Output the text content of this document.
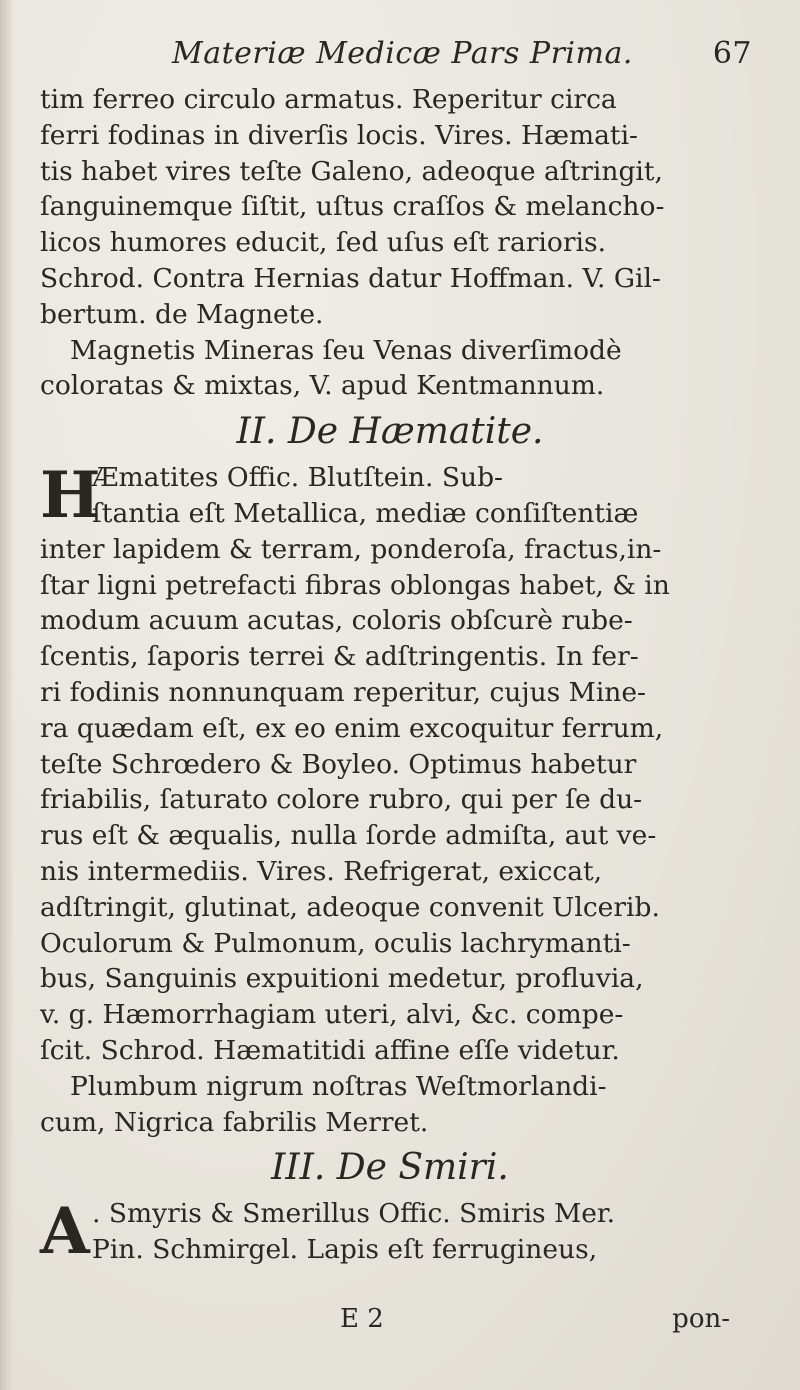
Materiæ Medicæ Pars Prima.	67
tim ferreo circulo armatus. Reperitur circa
ferri fodinas in diverſis locis. Vires. Hæmati-
tis habet vires teſte Galeno, adeoque aſtringit,
ſanguinemque ſiſtit, uſtus craſſos & melancho-
licos humores educit, ſed uſus eſt rarioris.
Schrod. Contra Hernias datur Hoffman. V. Gil-
bertum. de Magnete.
Magnetis Mineras ſeu Venas diverſimodè
coloratas & mixtas, V. apud Kentmannum.
II. De Hæmatite.
H
Æmatites Offic. Blutſtein. Sub-
ſtantia eſt Metallica, mediæ conſiſtentiæ
inter lapidem & terram, ponderoſa, fractus,in-
ſtar ligni petrefacti fibras oblongas habet, & in
modum acuum acutas, coloris obſcurè rube-
ſcentis, ſaporis terrei & adſtringentis. In fer-
ri fodinis nonnunquam reperitur, cujus Mine-
ra quædam eſt, ex eo enim excoquitur ferrum,
teſte Schrœdero & Boyleo. Optimus habetur
friabilis, ſaturato colore rubro, qui per ſe du-
rus eſt & æqualis, nulla ſorde admiſta, aut ve-
nis intermediis. Vires. Refrigerat, exiccat,
adſtringit, glutinat, adeoque convenit Ulcerib.
Oculorum & Pulmonum, oculis lachrymanti-
bus, Sanguinis expuitioni medetur, profluvia,
v. g. Hæmorrhagiam uteri, alvi, &c. compe-
ſcit. Schrod. Hæmatitidi affine eſſe videtur.
Plumbum nigrum noſtras Weſtmorlandi-
cum, Nigrica fabrilis Merret.
III. De Smiri.
A . Smyris & Smerillus Offic. Smiris Mer.
Pin. Schmirgel. Lapis eſt ferrugineus,
E 2	pon-
